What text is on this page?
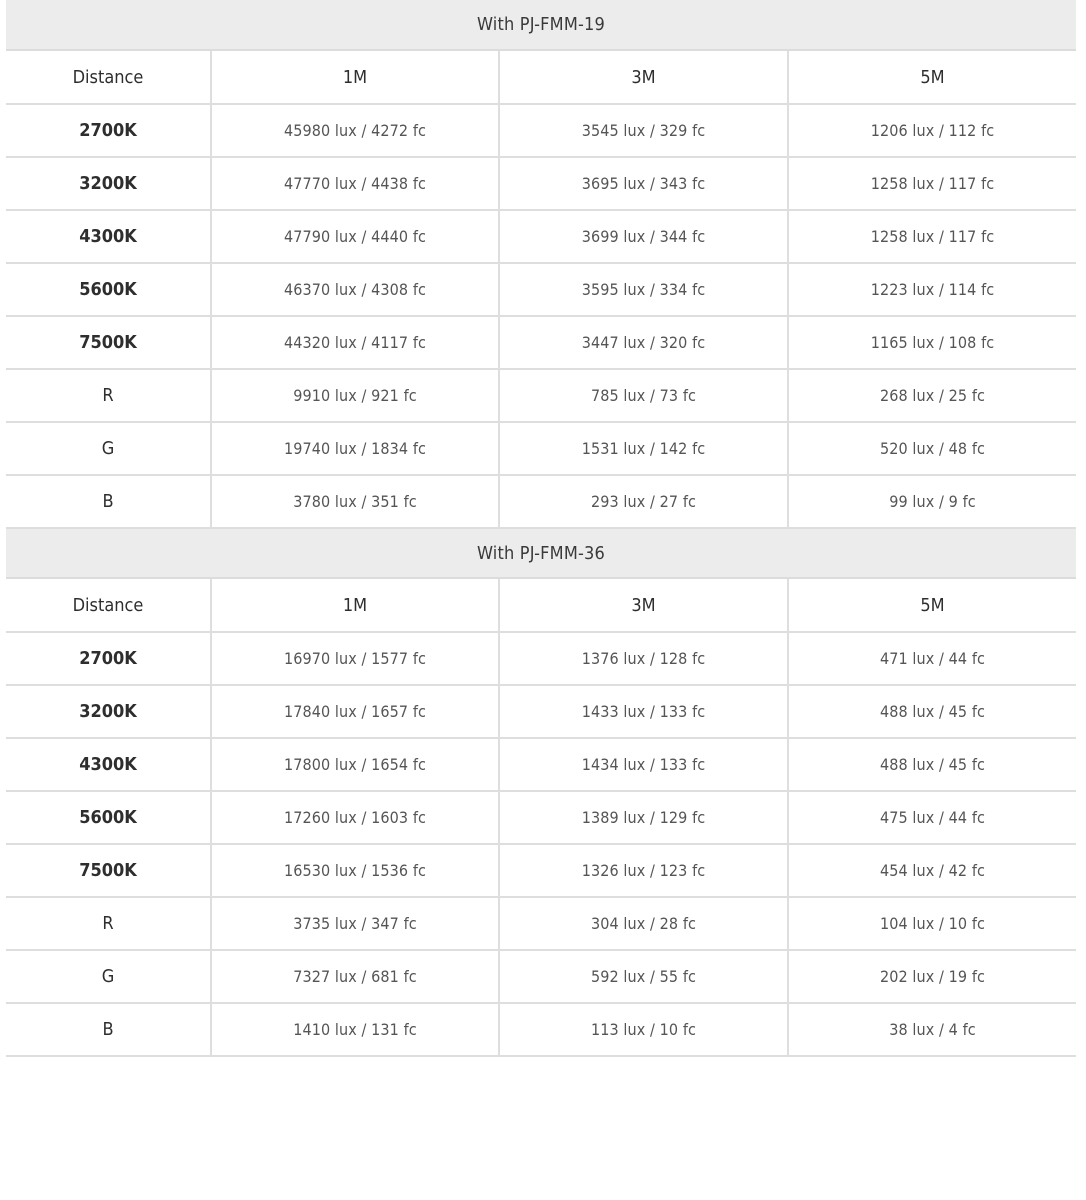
With PJ-FMM-19			
Distance	1M	3M	5M
2700K	45980 lux / 4272 fc	3545 lux / 329 fc	1206 lux / 112 fc
3200K	47770 lux / 4438 fc	3695 lux / 343 fc	1258 lux / 117 fc
4300K	47790 lux / 4440 fc	3699 lux / 344 fc	1258 lux / 117 fc
5600K	46370 lux / 4308 fc	3595 lux / 334 fc	1223 lux / 114 fc
7500K	44320 lux / 4117 fc	3447 lux / 320 fc	1165 lux / 108 fc
R	9910 lux / 921 fc	785 lux / 73 fc	268 lux / 25 fc
G	19740 lux / 1834 fc	1531 lux / 142 fc	520 lux / 48 fc
B	3780 lux / 351 fc	293 lux / 27 fc	99 lux / 9 fc
With PJ-FMM-36			
Distance	1M	3M	5M
2700K	16970 lux / 1577 fc	1376 lux / 128 fc	471 lux / 44 fc
3200K	17840 lux / 1657 fc	1433 lux / 133 fc	488 lux / 45 fc
4300K	17800 lux / 1654 fc	1434 lux / 133 fc	488 lux / 45 fc
5600K	17260 lux / 1603 fc	1389 lux / 129 fc	475 lux / 44 fc
7500K	16530 lux / 1536 fc	1326 lux / 123 fc	454 lux / 42 fc
R	3735 lux / 347 fc	304 lux / 28 fc	104 lux / 10 fc
G	7327 lux / 681 fc	592 lux / 55 fc	202 lux / 19 fc
B	1410 lux / 131 fc	113 lux / 10 fc	38 lux / 4 fc
